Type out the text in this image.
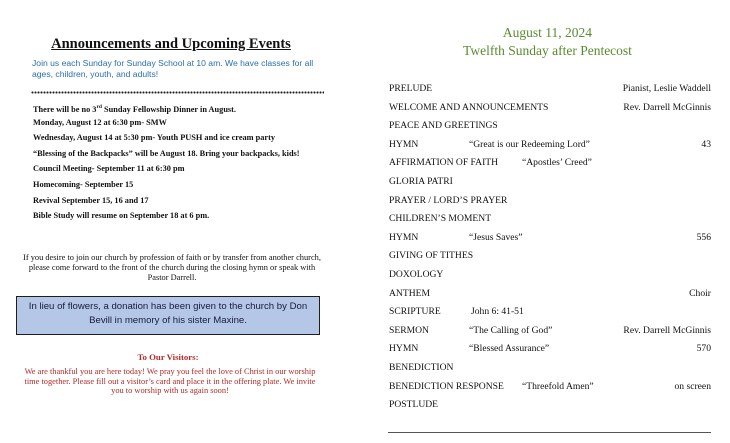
Announcements and Upcoming Events
Join us each Sunday for Sunday School at 10 am. We have classes for all ages, children, youth, and adults!
There will be no 3rd Sunday Fellowship Dinner in August.
Monday, August 12 at 6:30 pm- SMW
Wednesday, August 14 at 5:30 pm- Youth PUSH and ice cream party
“Blessing of the Backpacks” will be August 18. Bring your backpacks, kids!
Council Meeting- September 11 at 6:30 pm
Homecoming- September 15
Revival September 15, 16 and 17
Bible Study will resume on September 18 at 6 pm.
If you desire to join our church by profession of faith or by transfer from another church, please come forward to the front of the church during the closing hymn or speak with Pastor Darrell.
In lieu of flowers, a donation has been given to the church by Don Bevill in memory of his sister Maxine.
To Our Visitors:
We are thankful you are here today! We pray you feel the love of Christ in our worship time together. Please fill out a visitor’s card and place it in the offering plate. We invite you to worship with us again soon!
August 11, 2024
Twelfth Sunday after Pentecost
PRELUDE	Pianist, Leslie Waddell
WELCOME AND ANNOUNCEMENTS	Rev. Darrell McGinnis
PEACE AND GREETINGS
HYMN	“Great is our Redeeming Lord”	43
AFFIRMATION OF FAITH “Apostles’ Creed”
GLORIA PATRI
PRAYER / LORD’S PRAYER
CHILDREN’S MOMENT
HYMN	“Jesus Saves”	556
GIVING OF TITHES
DOXOLOGY
ANTHEM	Choir
SCRIPTURE	John 6: 41-51
SERMON	“The Calling of God”	Rev. Darrell McGinnis
HYMN	“Blessed Assurance”	570
BENEDICTION
BENEDICTION RESPONSE “Threefold Amen”	on screen
POSTLUDE
